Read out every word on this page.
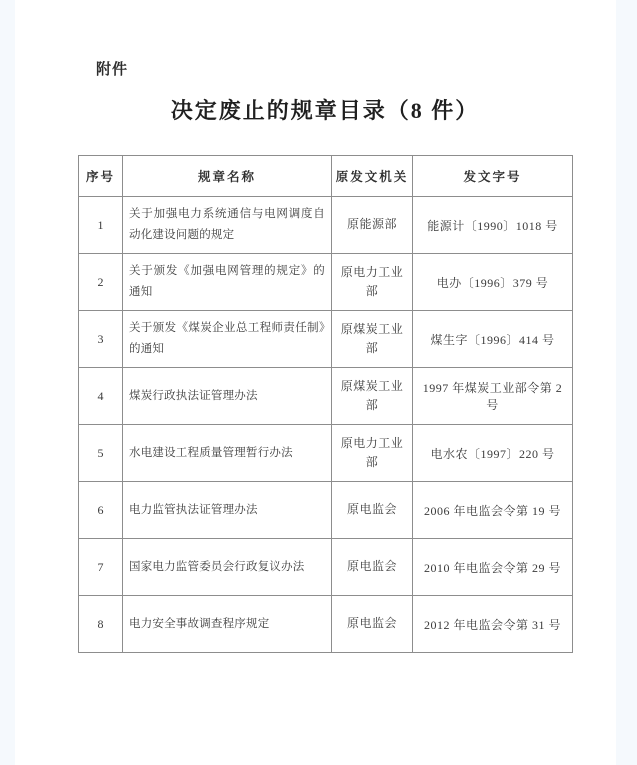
附件
决定废止的规章目录（8 件）
序号	规章名称	原发文机关	发文字号
1	关于加强电力系统通信与电网调度自动化建设问题的规定	原能源部	能源计〔1990〕1018 号
2	关于颁发《加强电网管理的规定》的通知	原电力工业部	电办〔1996〕379 号
3	关于颁发《煤炭企业总工程师责任制》的通知	原煤炭工业部	煤生字〔1996〕414 号
4	煤炭行政执法证管理办法	原煤炭工业部	1997 年煤炭工业部令第 2 号
5	水电建设工程质量管理暂行办法	原电力工业部	电水农〔1997〕220 号
6	电力监管执法证管理办法	原电监会	2006 年电监会令第 19 号
7	国家电力监管委员会行政复议办法	原电监会	2010 年电监会令第 29 号
8	电力安全事故调查程序规定	原电监会	2012 年电监会令第 31 号
